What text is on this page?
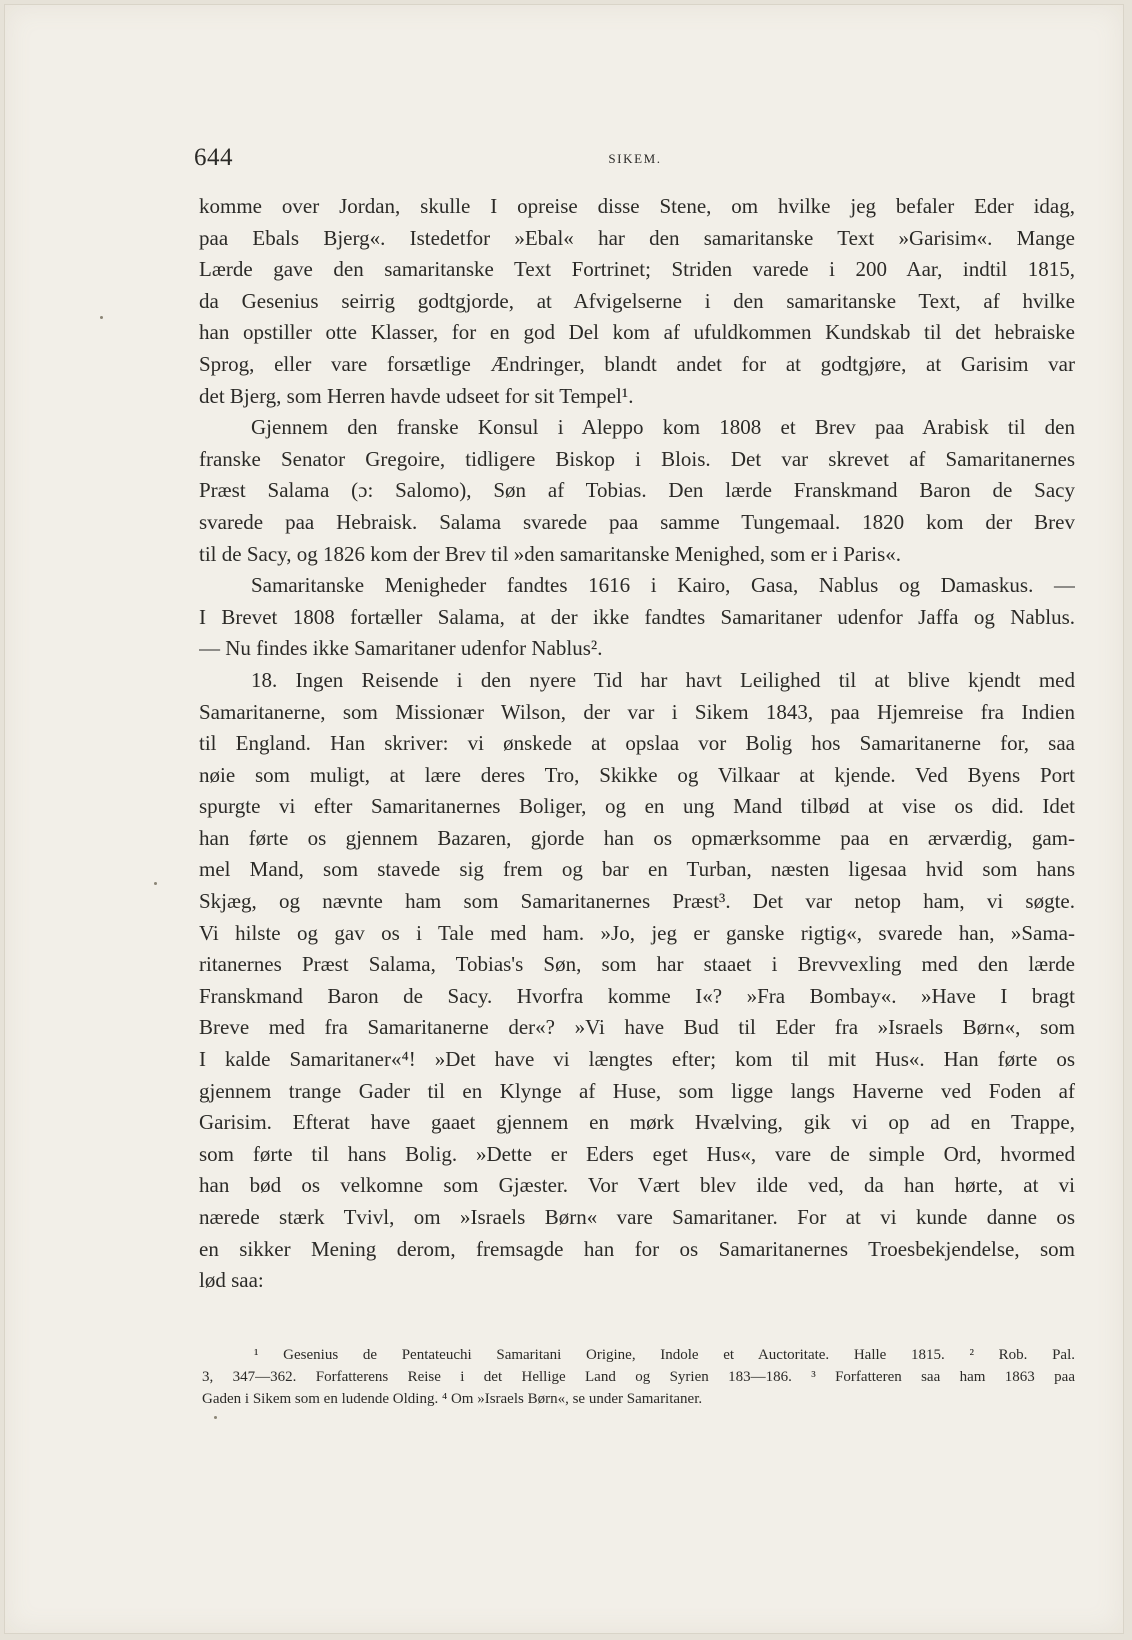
644	SIKEM.
komme over Jordan, skulle I opreise disse Stene, om hvilke jeg befaler Eder idag,
paa Ebals Bjerg«. Istedetfor »Ebal« har den samaritanske Text »Garisim«. Mange
Lærde gave den samaritanske Text Fortrinet; Striden varede i 200 Aar, indtil 1815,
da Gesenius seirrig godtgjorde, at Afvigelserne i den samaritanske Text, af hvilke
han opstiller otte Klasser, for en god Del kom af ufuldkommen Kundskab til det hebraiske
Sprog, eller vare forsætlige Ændringer, blandt andet for at godtgjøre, at Garisim var
det Bjerg, som Herren havde udseet for sit Tempel¹.
Gjennem den franske Konsul i Aleppo kom 1808 et Brev paa Arabisk til den
franske Senator Gregoire, tidligere Biskop i Blois. Det var skrevet af Samaritanernes
Præst Salama (ɔ: Salomo), Søn af Tobias. Den lærde Franskmand Baron de Sacy
svarede paa Hebraisk. Salama svarede paa samme Tungemaal. 1820 kom der Brev
til de Sacy, og 1826 kom der Brev til »den samaritanske Menighed, som er i Paris«.
Samaritanske Menigheder fandtes 1616 i Kairo, Gasa, Nablus og Damaskus. —
I Brevet 1808 fortæller Salama, at der ikke fandtes Samaritaner udenfor Jaffa og Nablus.
— Nu findes ikke Samaritaner udenfor Nablus².
18. Ingen Reisende i den nyere Tid har havt Leilighed til at blive kjendt med
Samaritanerne, som Missionær Wilson, der var i Sikem 1843, paa Hjemreise fra Indien
til England. Han skriver: vi ønskede at opslaa vor Bolig hos Samaritanerne for, saa
nøie som muligt, at lære deres Tro, Skikke og Vilkaar at kjende. Ved Byens Port
spurgte vi efter Samaritanernes Boliger, og en ung Mand tilbød at vise os did. Idet
han førte os gjennem Bazaren, gjorde han os opmærksomme paa en ærværdig, gam-
mel Mand, som stavede sig frem og bar en Turban, næsten ligesaa hvid som hans
Skjæg, og nævnte ham som Samaritanernes Præst³. Det var netop ham, vi søgte.
Vi hilste og gav os i Tale med ham. »Jo, jeg er ganske rigtig«, svarede han, »Sama-
ritanernes Præst Salama, Tobias's Søn, som har staaet i Brevvexling med den lærde
Franskmand Baron de Sacy. Hvorfra komme I«? »Fra Bombay«. »Have I bragt
Breve med fra Samaritanerne der«? »Vi have Bud til Eder fra »Israels Børn«, som
I kalde Samaritaner«⁴! »Det have vi længtes efter; kom til mit Hus«. Han førte os
gjennem trange Gader til en Klynge af Huse, som ligge langs Haverne ved Foden af
Garisim. Efterat have gaaet gjennem en mørk Hvælving, gik vi op ad en Trappe,
som førte til hans Bolig. »Dette er Eders eget Hus«, vare de simple Ord, hvormed
han bød os velkomne som Gjæster. Vor Vært blev ilde ved, da han hørte, at vi
nærede stærk Tvivl, om »Israels Børn« vare Samaritaner. For at vi kunde danne os
en sikker Mening derom, fremsagde han for os Samaritanernes Troesbekjendelse, som
lød saa:
¹ Gesenius de Pentateuchi Samaritani Origine, Indole et Auctoritate. Halle 1815. ² Rob. Pal.
3, 347—362. Forfatterens Reise i det Hellige Land og Syrien 183—186. ³ Forfatteren saa ham 1863 paa
Gaden i Sikem som en ludende Olding. ⁴ Om »Israels Børn«, se under Samaritaner.
